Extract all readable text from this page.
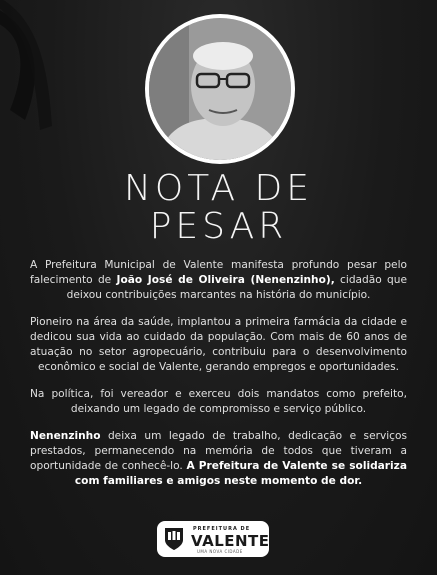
NOTA DE
PESAR

A Prefeitura Municipal de Valente manifesta profundo pesar pelo falecimento de João José de Oliveira (Nenenzinho), cidadão que deixou contribuições marcantes na história do município.

Pioneiro na área da saúde, implantou a primeira farmácia da cidade e dedicou sua vida ao cuidado da população. Com mais de 60 anos de atuação no setor agropecuário, contribuiu para o desenvolvimento econômico e social de Valente, gerando empregos e oportunidades.

Na política, foi vereador e exerceu dois mandatos como prefeito, deixando um legado de compromisso e serviço público.

Nenenzinho deixa um legado de trabalho, dedicação e serviços prestados, permanecendo na memória de todos que tiveram a oportunidade de conhecê-lo. A Prefeitura de Valente se solidariza com familiares e amigos neste momento de dor.

PREFEITURA DE
VALENTE
UMA NOVA CIDADE
